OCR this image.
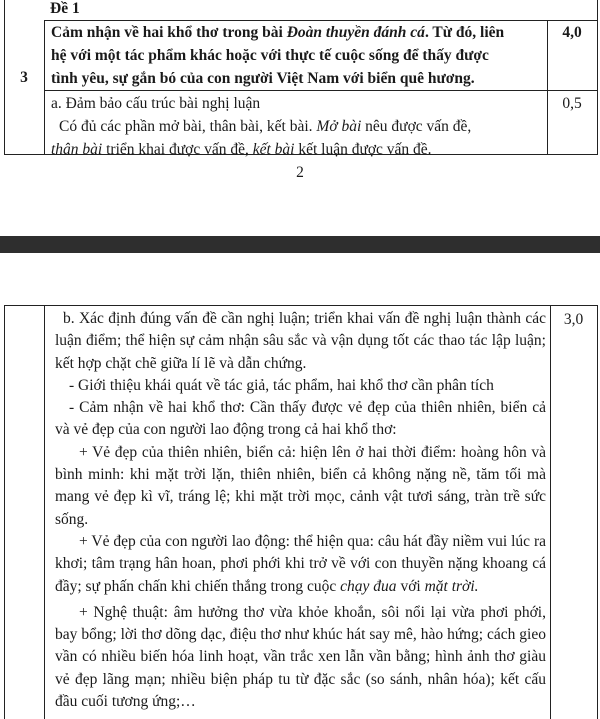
Đề 1
3
Cảm nhận về hai khổ thơ trong bài Đoàn thuyền đánh cá. Từ đó, liên
hệ với một tác phẩm khác hoặc với thực tế cuộc sống để thấy được
tình yêu, sự gắn bó của con người Việt Nam với biển quê hương.
4,0
a. Đảm bảo cấu trúc bài nghị luận
Có đủ các phần mở bài, thân bài, kết bài. Mở bài nêu được vấn đề,
thân bài triển khai được vấn đề, kết bài kết luận được vấn đề.
0,5
2
3,0

b. Xác định đúng vấn đề cần nghị luận; triển khai vấn đề nghị luận thành các luận điểm; thể hiện sự cảm nhận sâu sắc và vận dụng tốt các thao tác lập luận; kết hợp chặt chẽ giữa lí lẽ và dẫn chứng.

- Giới thiệu khái quát về tác giả, tác phẩm, hai khổ thơ cần phân tích

- Cảm nhận về hai khổ thơ: Cần thấy được vẻ đẹp của thiên nhiên, biển cả và vẻ đẹp của con người lao động trong cả hai khổ thơ:

+ Vẻ đẹp của thiên nhiên, biển cả: hiện lên ở hai thời điểm: hoàng hôn và bình minh: khi mặt trời lặn, thiên nhiên, biển cả không nặng nề, tăm tối mà mang vẻ đẹp kì vĩ, tráng lệ; khi mặt trời mọc, cảnh vật tươi sáng, tràn trề sức sống.

+ Vẻ đẹp của con người lao động: thể hiện qua: câu hát đầy niềm vui lúc ra khơi; tâm trạng hân hoan, phơi phới khi trở về với con thuyền nặng khoang cá đầy; sự phấn chấn khi chiến thắng trong cuộc chạy đua với mặt trời.

+ Nghệ thuật: âm hưởng thơ vừa khỏe khoắn, sôi nổi lại vừa phơi phới, bay bổng; lời thơ dõng dạc, điệu thơ như khúc hát say mê, hào hứng; cách gieo vần có nhiều biến hóa linh hoạt, vần trắc xen lẫn vần bằng; hình ảnh thơ giàu vẻ đẹp lãng mạn; nhiều biện pháp tu từ đặc sắc (so sánh, nhân hóa); kết cấu đầu cuối tương ứng;…
